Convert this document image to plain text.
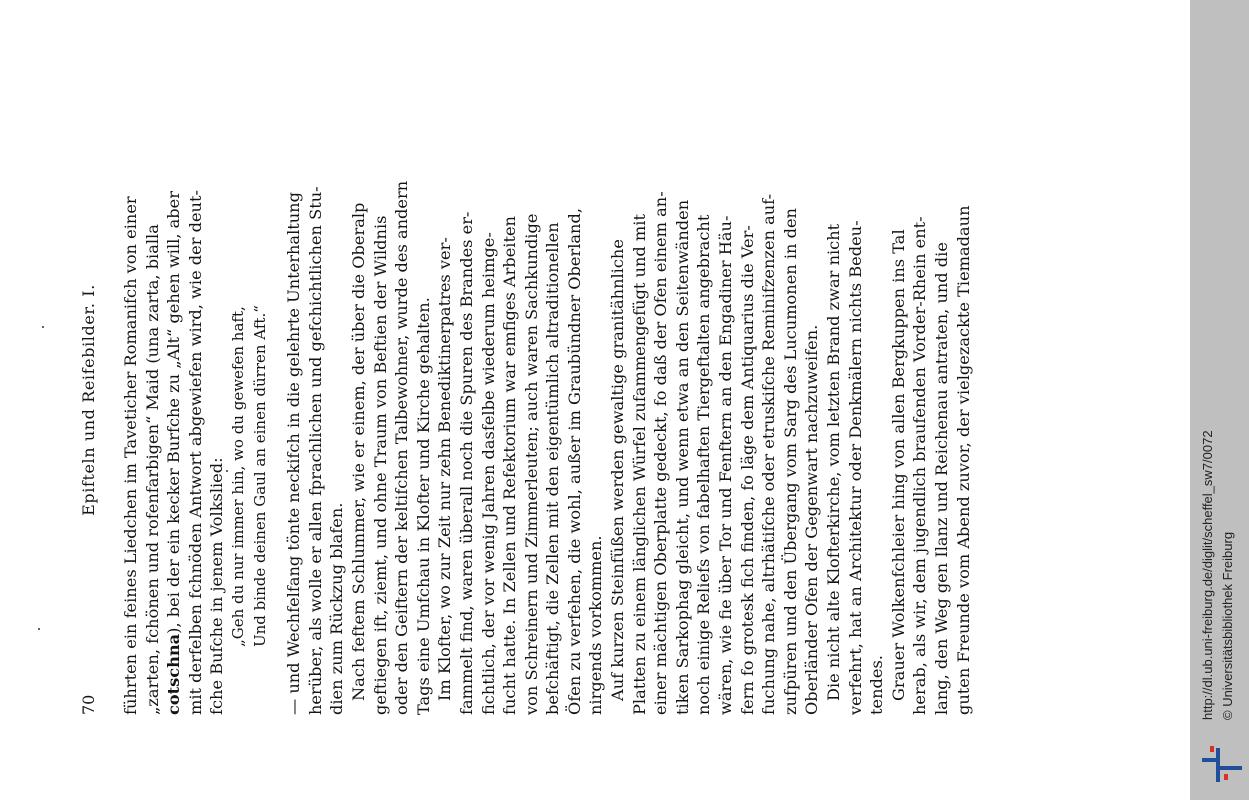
70
Epifteln und Reifebilder. I. führten ein feines Liedchen im Taveticher Romanifch von einer „zarten, fchönen und rofenfarbigen“ Maid (una zarta, bialla cotschna), bei der ein kecker Burfche zu „Alt“ gehen will, aber mit derfelben fchnöden Antwort abgewiefen wird, wie der deut- fche Bufche in jenem Volkslied: „Geh du nur immer hin, wo du gewefen haft, Und binde deinen Gaul an einen dürren Aft.“ — und Wechfelfang tönte neckifch in die gelehrte Unterhaltung herüber, als wolle er allen fprachlichen und gefchichtlichen Stu- dien zum Rückzug blafen. Nach feftem Schlummer, wie er einem, der über die Oberalp geftiegen ift, ziemt, und ohne Traum von Beftien der Wildnis oder den Geiftern der keltifchen Talbewohner, wurde des andern Tags eine Umfchau in Klofter und Kirche gehalten. Im Klofter, wo zur Zeit nur zehn Benediktinerpatres ver- fammelt find, waren überall noch die Spuren des Brandes er- fichtlich, der vor wenig Jahren dasfelbe wiederum heimge- fucht hatte. In Zellen und Refektorium war emfiges Arbeiten von Schreinern und Zimmerleuten; auch waren Sachkundige befchäftigt, die Zellen mit den eigentümlich altraditionellen Öfen zu verfehen, die wohl, außer im Graubündner Oberland, nirgends vorkommen. Auf kurzen Steinfüßen werden gewaltige granitähnliche Platten zu einem länglichen Würfel zufammengefügt und mit einer mächtigen Oberplatte gedeckt, fo daß der Ofen einem an- tiken Sarkophag gleicht, und wenn etwa an den Seitenwänden noch einige Reliefs von fabelhaften Tiergeftalten angebracht wären, wie fie über Tor und Fenftern an den Engadiner Häu- fern fo grotesk fich finden, fo läge dem Antiquarius die Ver- fuchung nahe, altrhätifche oder etruskifche Reminifzenzen auf- zufpüren und den Übergang vom Sarg des Lucumonen in den Oberländer Ofen der Gegenwart nachzuweifen. Die nicht alte Klofterkirche, vom letzten Brand zwar nicht verfehrt, hat an Architektur oder Denkmälern nichts Bedeu- tendes. Grauer Wolkenfchleier hing von allen Bergkuppen ins Tal herab, als wir, dem jugendlich braufenden Vorder-Rhein ent- lang, den Weg gen Ilanz und Reichenau antraten, und die guten Freunde vom Abend zuvor, der vielgezackte Tiemadaun	http://dl.ub.uni-freiburg.de/diglit/scheffel_sw7/0072 © Universitätsbibliothek Freiburg
